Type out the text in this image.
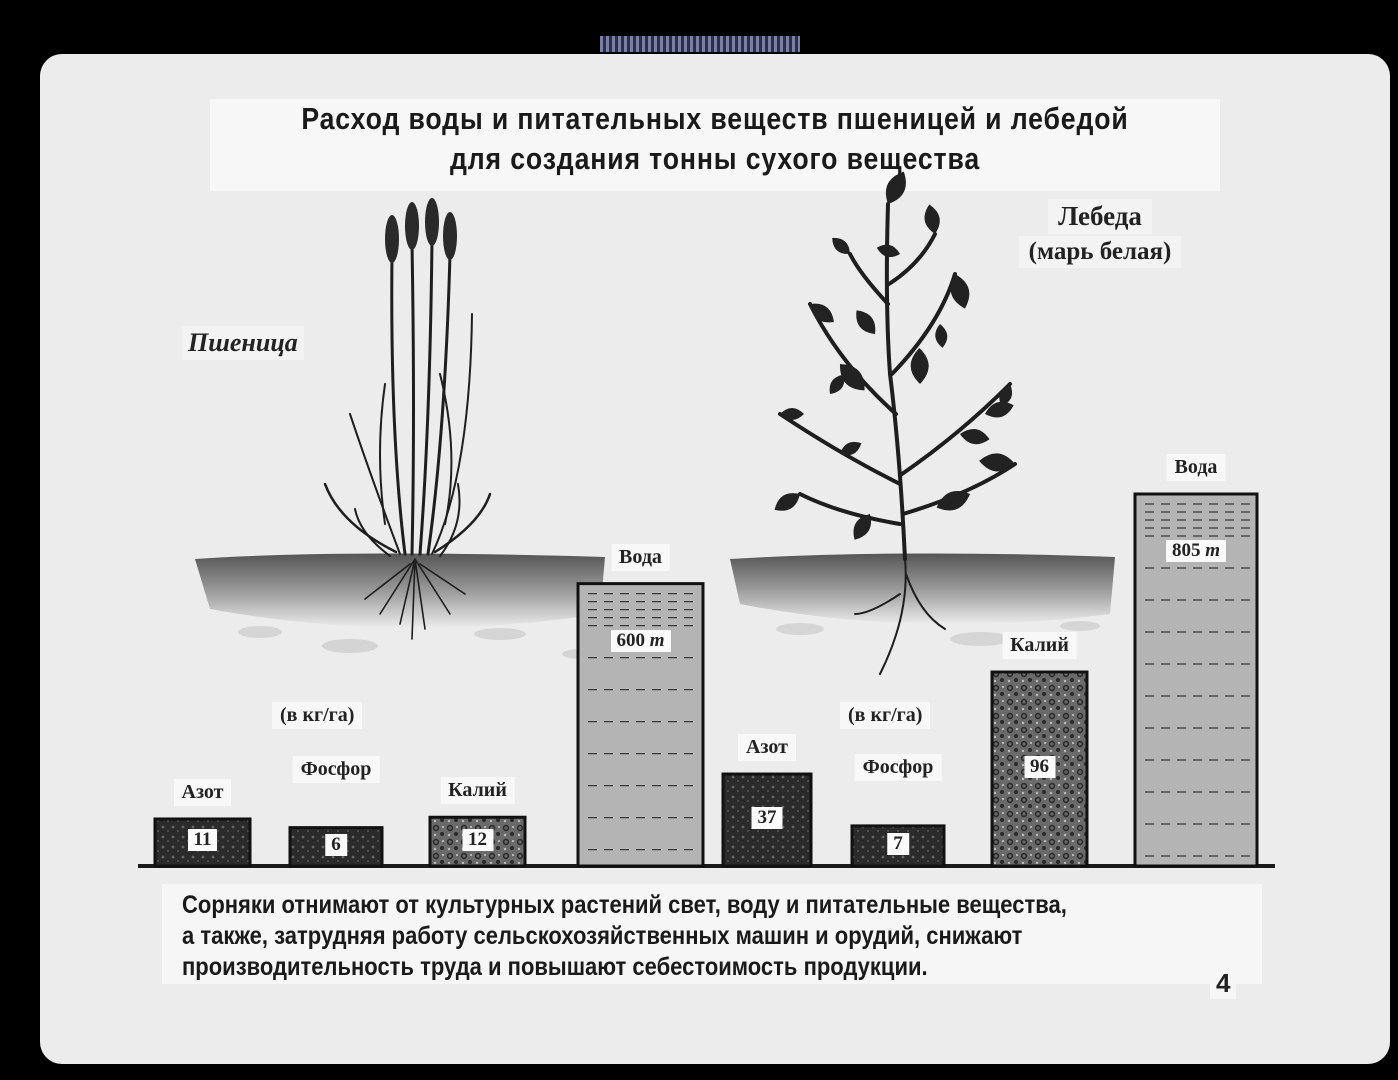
Расход воды и питательных веществ пшеницей и лебедой
для создания тонны сухого вещества
Пшеница
Лебеда
(марь белая)
(в кг/га)	(в кг/га)
Сорняки отнимают от культурных растений свет, воду и питательные вещества,
а также, затрудняя работу сельскохозяйственных машин и орудий, снижают
производительность труда и повышают себестоимость продукции.
4
Азот
11
Фосфор
6
Калий
12
Вода
600 т
Азот
37
Фосфор
7
Калий
96
Вода
805 т
